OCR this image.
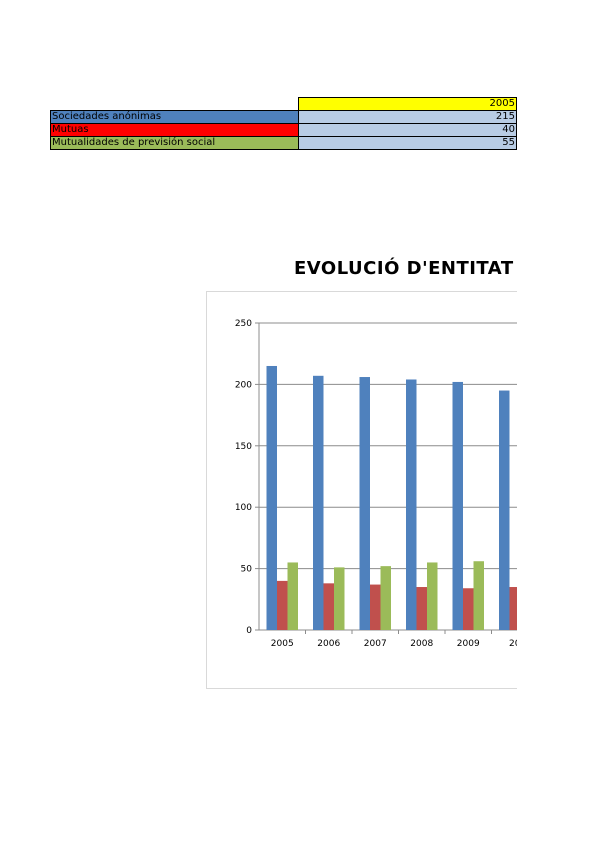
	2005
Sociedades anónimas	215
Mutuas	40
Mutualidades de previsión social	55
EVOLUCIÓ D'ENTITAT
0
50
100
150
200
250
2005	2006	2007	2008	2009	20
